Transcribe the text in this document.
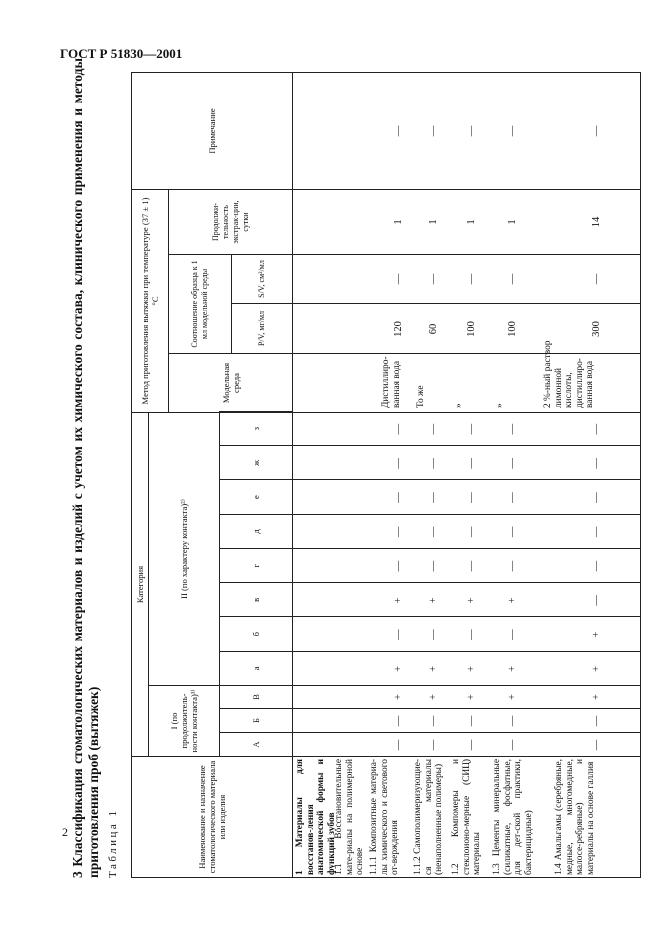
ГОСТ Р 51830—2001
2 3 Классификация стоматологических материалов и изделий с учетом их химического состава, клинического применения и методы приготовления проб (вытяжек) Таблица 1	Наименование и назначение стоматологического материала или изделия
Категория
I (по продолжитель-ности контакта)¹⁾
II (по характеру контакта)²⁾
Метод приготовления вытяжки при температуре (37 ± 1) °С
Модельная среда
Соотношение образца к 1 мл модельной среды	P/V, мг/мл
S/V, см²/мл
Продолжи-тельность экстрак-ции, сутки
Примечание
А
Б
В
а
б
в
г
д
е
ж
з
1 Материалы для восстанов-ления анатомической формы и функций зубов
1.1 Восстановительные мате-риалы на полимерной основе 1.1.1 Композитные материа-лы химического и светового от-верждения
—
—
+
+
—
+
—
—
—
—
—
Дистиллиро-ванная вода
120
—
1
—
1.1.2 Самополимеризующие-ся материалы (ненаполненные полимеры)
—
—
+
+
—
+
—
—
—
—
—
То же
60
—
1
—
1.2 Компомеры и стеклоионо-мерные (СИЦ) материалы
—
—
+
+
—
+
—
—
—
—
—
»
100
—
1
—
1.3 Цементы минеральные (силикатные, фосфатные, для дет-ской практики, бактерицидные)
—
—
+
+
—
+
—
—
—
—
—
»
100
—
1
—
1.4 Амальгамы (серебряные, медные, многомедные, малосе-ребряные) и материалы на основе галлия
—
—
+
+
+
—
—
—
—
—
—
2 %-ный раствор лимонной кислоты, дистиллиро-ванная вода
300
—
14
—
